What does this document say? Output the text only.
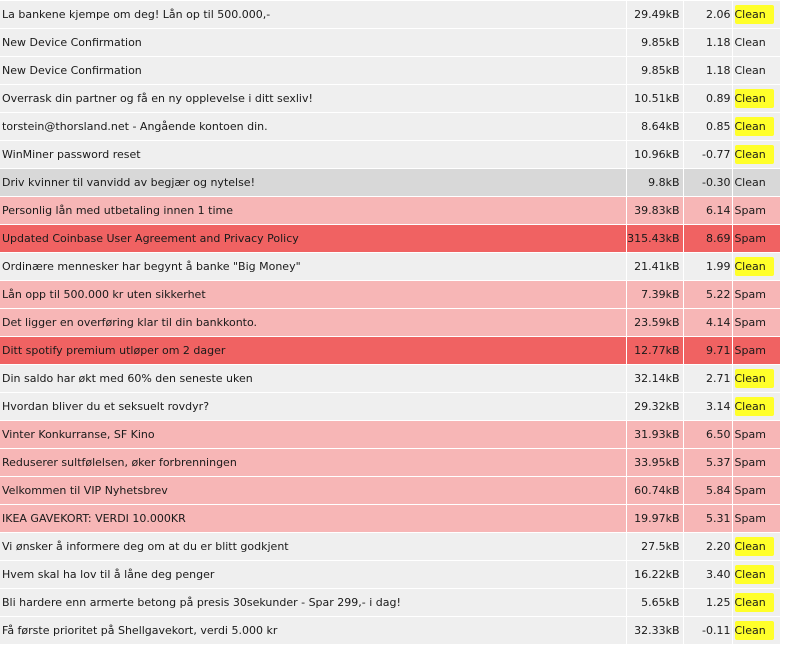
La bankene kjempe om deg! Lån op til 500.000,-	29.49kB	2.06	Clean
New Device Confirmation	9.85kB	1.18	Clean
New Device Confirmation	9.85kB	1.18	Clean
Overrask din partner og få en ny opplevelse i ditt sexliv!	10.51kB	0.89	Clean
torstein@thorsland.net - Angående kontoen din.	8.64kB	0.85	Clean
WinMiner password reset	10.96kB	-0.77	Clean
Driv kvinner til vanvidd av begjær og nytelse!	9.8kB	-0.30	Clean
Personlig lån med utbetaling innen 1 time	39.83kB	6.14	Spam
Updated Coinbase User Agreement and Privacy Policy	315.43kB	8.69	Spam
Ordinære mennesker har begynt å banke "Big Money"	21.41kB	1.99	Clean
Lån opp til 500.000 kr uten sikkerhet	7.39kB	5.22	Spam
Det ligger en overføring klar til din bankkonto.	23.59kB	4.14	Spam
Ditt spotify premium utløper om 2 dager	12.77kB	9.71	Spam
Din saldo har økt med 60% den seneste uken	32.14kB	2.71	Clean
Hvordan bliver du et seksuelt rovdyr?	29.32kB	3.14	Clean
Vinter Konkurranse, SF Kino	31.93kB	6.50	Spam
Reduserer sultfølelsen, øker forbrenningen	33.95kB	5.37	Spam
Velkommen til VIP Nyhetsbrev	60.74kB	5.84	Spam
IKEA GAVEKORT: VERDI 10.000KR	19.97kB	5.31	Spam
Vi ønsker å informere deg om at du er blitt godkjent	27.5kB	2.20	Clean
Hvem skal ha lov til å låne deg penger	16.22kB	3.40	Clean
Bli hardere enn armerte betong på presis 30sekunder - Spar 299,- i dag!	5.65kB	1.25	Clean
Få første prioritet på Shellgavekort, verdi 5.000 kr	32.33kB	-0.11	Clean
